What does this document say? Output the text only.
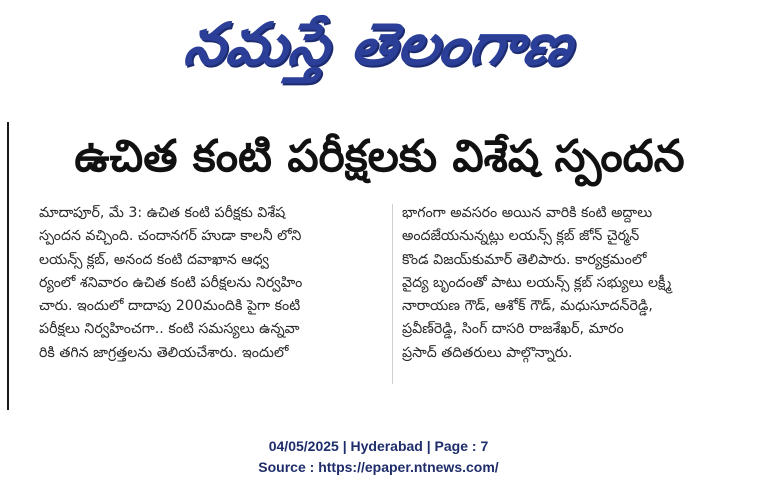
నమస్తే తెలంగాణ
ఉచిత కంటి పరీక్షలకు విశేష స్పందన
మాదాపూర్, మే 3: ఉచిత కంటి పరీక్షకు విశేష
స్పందన వచ్చింది. చందానగర్ హుడా కాలనీ లోని
లయన్స్ క్లబ్, అనంద కంటి దవాఖాన ఆధ్వ
ర్యంలో శనివారం ఉచిత కంటి పరీక్షలను నిర్వహిం
చారు. ఇందులో దాదాపు 200మందికి పైగా కంటి
పరీక్షలు నిర్వహించగా.. కంటి సమస్యలు ఉన్నవా
రికి తగిన జాగ్రత్తలను తెలియచేశారు. ఇందులో
భాగంగా అవసరం అయిన వారికి కంటి అద్దాలు
అందజేయనున్నట్లు లయన్స్ క్లబ్ జోన్ చైర్మన్
కొండ విజయ్‌కుమార్ తెలిపారు. కార్యక్రమంలో
వైద్య బృందంతో పాటు లయన్స్ క్లబ్ సభ్యులు లక్ష్మీ
నారాయణ గౌడ్, ఆశోక్ గౌడ్, మధుసూదన్‌రెడ్డి,
ప్రవీణ్‌రెడ్డి, సింగ్ దాసరి రాజశేఖర్, మారం
ప్రసాద్ తదితరులు పాల్గొన్నారు.
04/05/2025 | Hyderabad | Page : 7
Source : https://epaper.ntnews.com/
